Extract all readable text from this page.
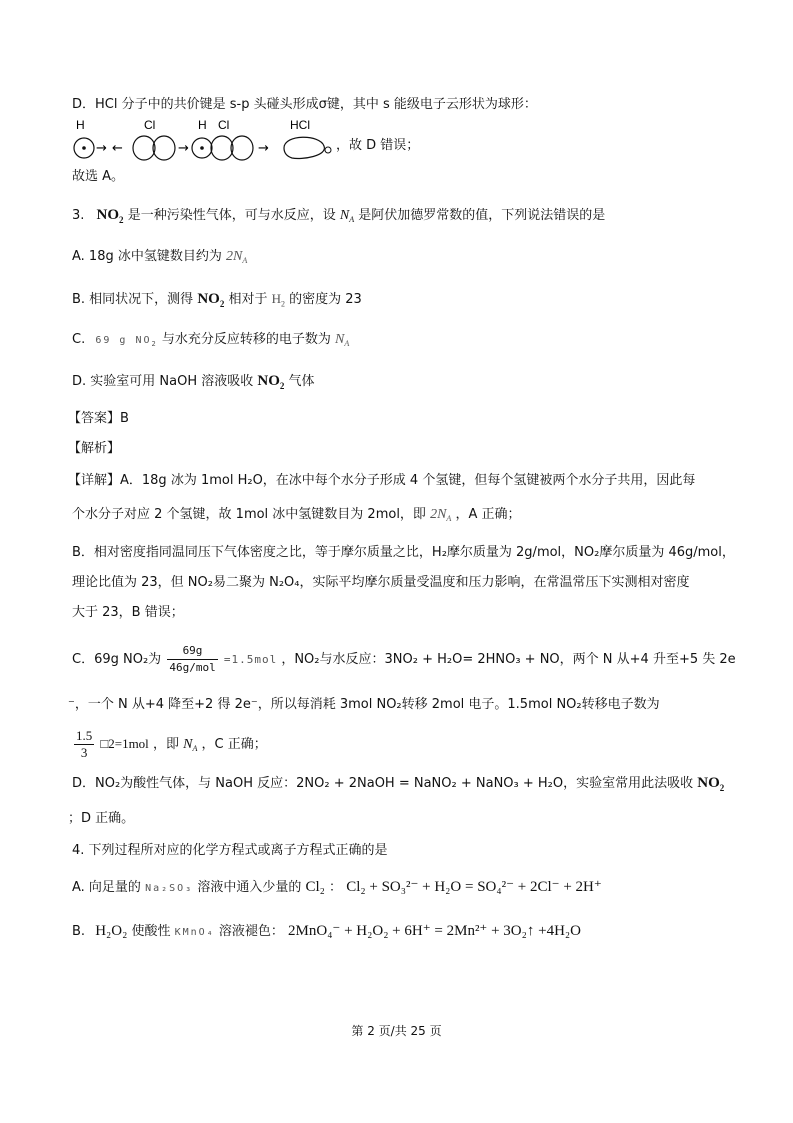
D．HCl 分子中的共价键是 s-p 头碰头形成σ键，其中 s 能级电子云形状为球形：
H
→ ←
Cl
→
H Cl
→
HCl
，故 D 错误；
故选 A。
3. $NO_2$ 是一种污染性气体，可与水反应，设 $N_A$ 是阿伏加德罗常数的值，下列说法错误的是
A. 18g 冰中氢键数目约为 $2N_A$
B. 相同状况下，测得 $NO_2$ 相对于 $H_2$ 的密度为 23
C. 69 g $NO_2$ 与水充分反应转移的电子数为 $N_A$
D. 实验室可用 NaOH 溶液吸收 $NO_2$ 气体
【答案】B
【解析】
【详解】A．18g 冰为 1mol H₂O，在冰中每个水分子形成 4 个氢键，但每个氢键被两个水分子共用，因此每
个水分子对应 2 个氢键，故 1mol 冰中氢键数目为 2mol，即 $2N_A$ ，A 正确；
B．相对密度指同温同压下气体密度之比，等于摩尔质量之比，H₂摩尔质量为 2g/mol，NO₂摩尔质量为 46g/mol，
理论比值为 23，但 NO₂易二聚为 N₂O₄，实际平均摩尔质量受温度和压力影响，在常温常压下实测相对密度
大于 23，B 错误；
C．69g NO₂为 $\frac{69g}{\text{46g/mol}} =1.5mol$ ，NO₂与水反应：3NO₂ + H₂O= 2HNO₃ + NO，两个 N 从+4 升至+5 失 2e
⁻，一个 N 从+4 降至+2 得 2e⁻，所以每消耗 3mol NO₂转移 2mol 电子。1.5mol NO₂转移电子数为
$\frac{1.5}{3}$ □2=1mol ，即 $N_A$ ，C 正确；
D．NO₂为酸性气体，与 NaOH 反应：2NO₂ + 2NaOH = NaNO₂ + NaNO₃ + H₂O，实验室常用此法吸收 $NO_2$
；D 正确。
4. 下列过程所对应的化学方程式或离子方程式正确的是
A. 向足量的 Na₂SO₃ 溶液中通入少量的 Cl₂ ： Cl₂ + SO₃²⁻ + H₂O = SO₄²⁻ + 2Cl⁻ + 2H⁺
B. H₂O₂ 使酸性 KMnO₄ 溶液褪色： 2MnO₄⁻ + H₂O₂ + 6H⁺ = 2Mn²⁺ + 3O₂↑ +4H₂O
第 2 页/共 25 页
